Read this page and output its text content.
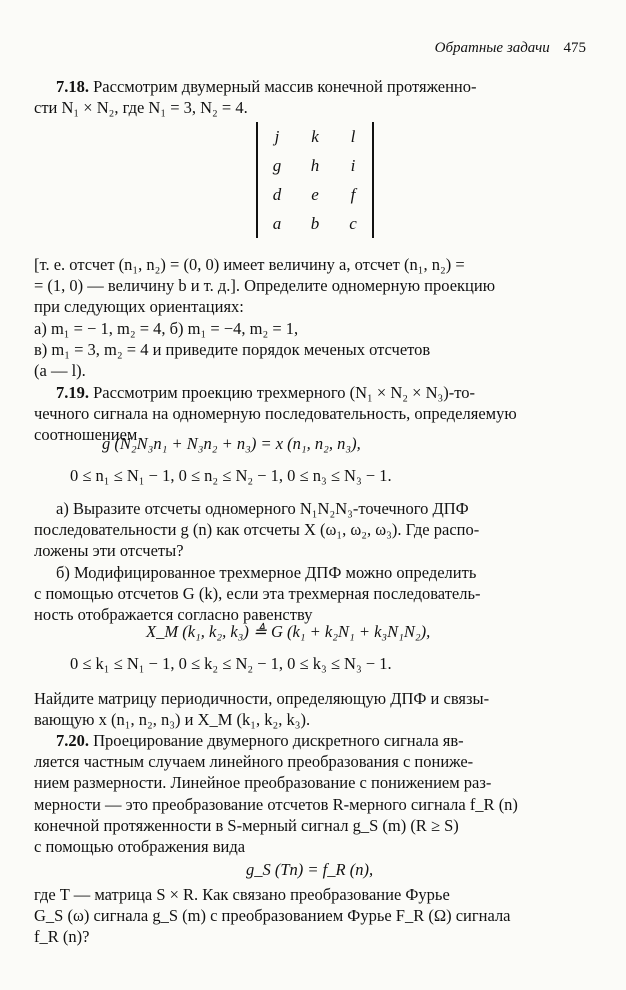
Обратные задачи 475
7.18. Рассмотрим двумерный массив конечной протяженно-
сти N₁ × N₂, где N₁ = 3, N₂ = 4.
j	k	l
g	h	i
d	e	f
a	b	c
[т. е. отсчет (n₁, n₂) = (0, 0) имеет величину a, отсчет (n₁, n₂) =
= (1, 0) — величину b и т. д.]. Определите одномерную проекцию
при следующих ориентациях:
а) m₁ = − 1, m₂ = 4, б) m₁ = −4, m₂ = 1,
в) m₁ = 3, m₂ = 4 и приведите порядок меченых отсчетов
(a — l).
7.19. Рассмотрим проекцию трехмерного (N₁ × N₂ × N₃)-то-
чечного сигнала на одномерную последовательность, определяемую
соотношением
g (N₂N₃n₁ + N₃n₂ + n₃) = x (n₁, n₂, n₃),
0 ≤ n₁ ≤ N₁ − 1, 0 ≤ n₂ ≤ N₂ − 1, 0 ≤ n₃ ≤ N₃ − 1.
а) Выразите отсчеты одномерного N₁N₂N₃-точечного ДПФ
последовательности g (n) как отсчеты X (ω₁, ω₂, ω₃). Где распо-
ложены эти отсчеты?
б) Модифицированное трехмерное ДПФ можно определить
с помощью отсчетов G (k), если эта трехмерная последователь-
ность отображается согласно равенству
X_M (k₁, k₂, k₃) ≜ G (k₁ + k₂N₁ + k₃N₁N₂),
0 ≤ k₁ ≤ N₁ − 1, 0 ≤ k₂ ≤ N₂ − 1, 0 ≤ k₃ ≤ N₃ − 1.
Найдите матрицу периодичности, определяющую ДПФ и связы-
вающую x (n₁, n₂, n₃) и X_M (k₁, k₂, k₃).
7.20. Проецирование двумерного дискретного сигнала яв-
ляется частным случаем линейного преобразования с пониже-
нием размерности. Линейное преобразование с понижением раз-
мерности — это преобразование отсчетов R-мерного сигнала f_R (n)
конечной протяженности в S-мерный сигнал g_S (m) (R ≥ S)
с помощью отображения вида
g_S (Tn) = f_R (n),
где T — матрица S × R. Как связано преобразование Фурье
G_S (ω) сигнала g_S (m) с преобразованием Фурье F_R (Ω) сигнала
f_R (n)?
